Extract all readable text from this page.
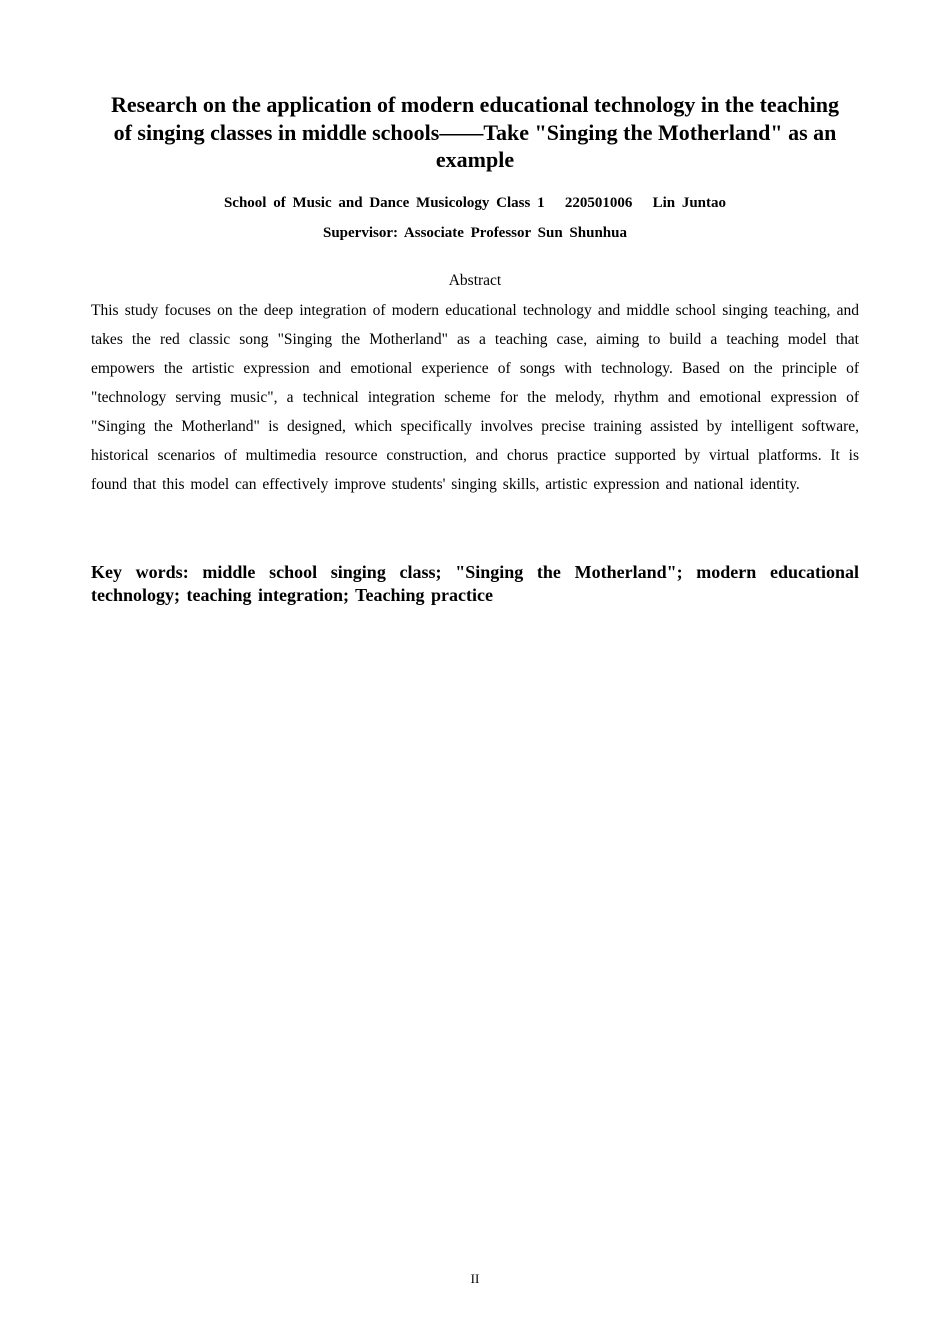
Research on the application of modern educational technology in the teaching of singing classes in middle schools——Take "Singing the Motherland" as an example

School of Music and Dance Musicology Class 1   220501006   Lin Juntao

Supervisor: Associate Professor Sun Shunhua

Abstract

This study focuses on the deep integration of modern educational technology and middle school singing teaching, and takes the red classic song "Singing the Motherland" as a teaching case, aiming to build a teaching model that empowers the artistic expression and emotional experience of songs with technology. Based on the principle of "technology serving music", a technical integration scheme for the melody, rhythm and emotional expression of "Singing the Motherland" is designed, which specifically involves precise training assisted by intelligent software, historical scenarios of multimedia resource construction, and chorus practice supported by virtual platforms. It is found that this model can effectively improve students' singing skills, artistic expression and national identity.

Key words: middle school singing class; "Singing the Motherland"; modern educational technology; teaching integration; Teaching practice

II
